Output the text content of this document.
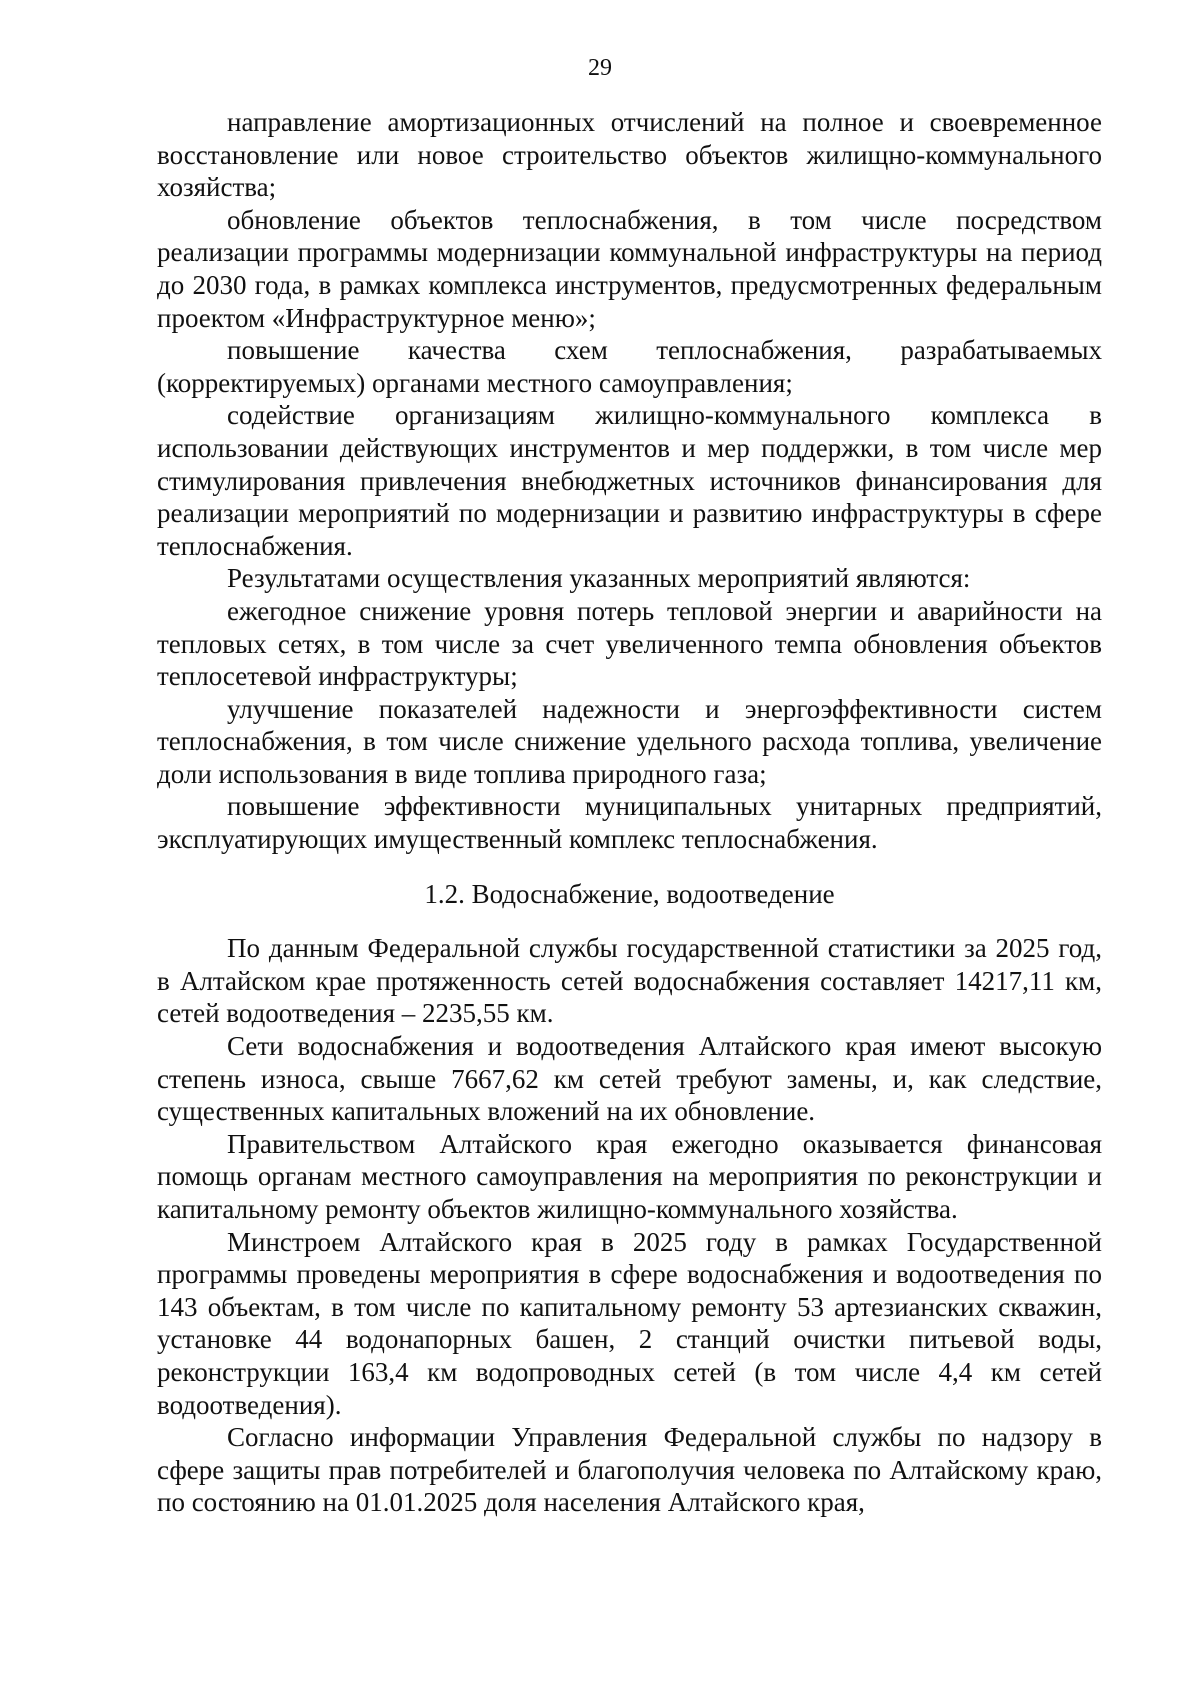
29

направление амортизационных отчислений на полное и своевременное восстановление или новое строительство объектов жилищно-коммунального хозяйства;

обновление объектов теплоснабжения, в том числе посредством реализации программы модернизации коммунальной инфраструктуры на период до 2030 года, в рамках комплекса инструментов, предусмотренных федеральным проектом «Инфраструктурное меню»;

повышение качества схем теплоснабжения, разрабатываемых (корректируемых) органами местного самоуправления;

содействие организациям жилищно-коммунального комплекса в использовании действующих инструментов и мер поддержки, в том числе мер стимулирования привлечения внебюджетных источников финансирования для реализации мероприятий по модернизации и развитию инфраструктуры в сфере теплоснабжения.

Результатами осуществления указанных мероприятий являются:

ежегодное снижение уровня потерь тепловой энергии и аварийности на тепловых сетях, в том числе за счет увеличенного темпа обновления объектов теплосетевой инфраструктуры;

улучшение показателей надежности и энергоэффективности систем теплоснабжения, в том числе снижение удельного расхода топлива, увеличение доли использования в виде топлива природного газа;

повышение эффективности муниципальных унитарных предприятий, эксплуатирующих имущественный комплекс теплоснабжения.

1.2. Водоснабжение, водоотведение

По данным Федеральной службы государственной статистики за 2025 год, в Алтайском крае протяженность сетей водоснабжения составляет 14217,11 км, сетей водоотведения – 2235,55 км.

Сети водоснабжения и водоотведения Алтайского края имеют высокую степень износа, свыше 7667,62 км сетей требуют замены, и, как следствие, существенных капитальных вложений на их обновление.

Правительством Алтайского края ежегодно оказывается финансовая помощь органам местного самоуправления на мероприятия по реконструкции и капитальному ремонту объектов жилищно-коммунального хозяйства.

Минстроем Алтайского края в 2025 году в рамках Государственной программы проведены мероприятия в сфере водоснабжения и водоотведения по 143 объектам, в том числе по капитальному ремонту 53 артезианских скважин, установке 44 водонапорных башен, 2 станций очистки питьевой воды, реконструкции 163,4 км водопроводных сетей (в том числе 4,4 км сетей водоотведения).

Согласно информации Управления Федеральной службы по надзору в сфере защиты прав потребителей и благополучия человека по Алтайскому краю, по состоянию на 01.01.2025 доля населения Алтайского края,
